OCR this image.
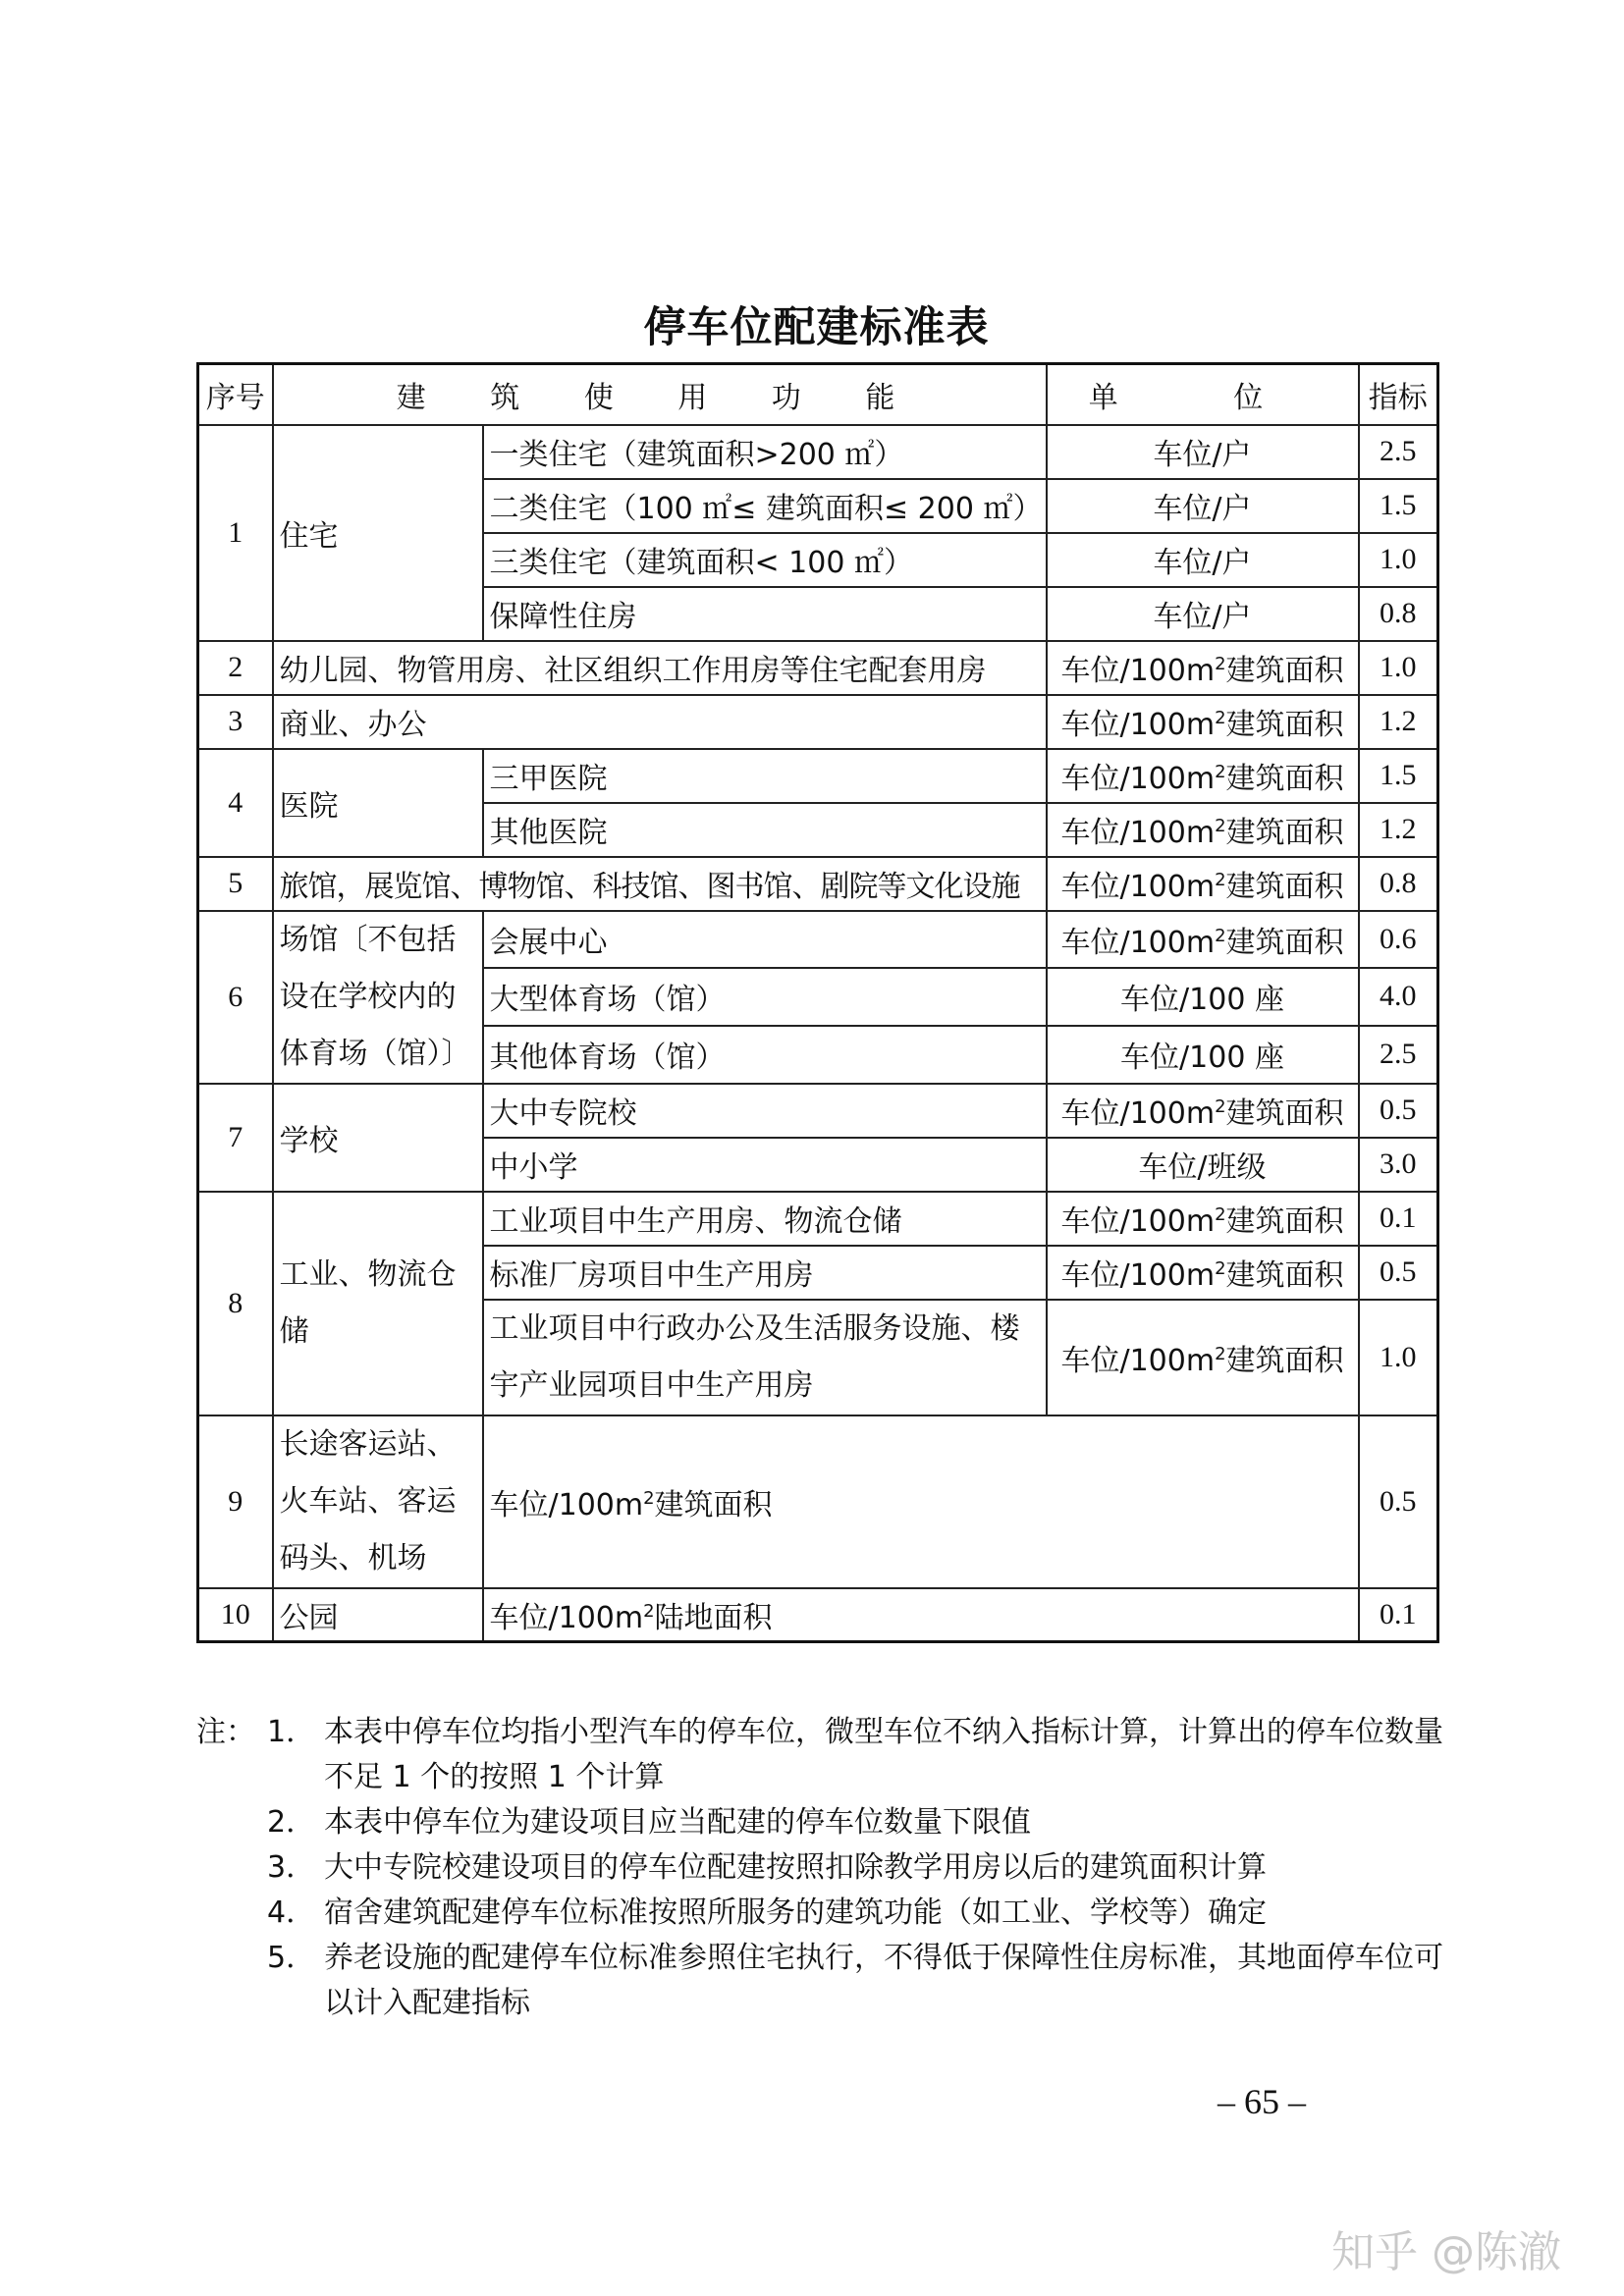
停车位配建标准表
序号	建 筑 使 用 功 能		单 位	指标
1	住宅	一类住宅（建筑面积>200 ㎡）	车位/户	2.5
		二类住宅（100 ㎡≤ 建筑面积≤ 200 ㎡）	车位/户	1.5
		三类住宅（建筑面积< 100 ㎡）	车位/户	1.0
		保障性住房	车位/户	0.8
2	幼儿园、物管用房、社区组织工作用房等住宅配套用房		车位$/100m^2$建筑面积	1.0
3	商业、办公		车位$/100m^2$建筑面积	1.2
4	医院	三甲医院	车位$/100m^2$建筑面积	1.5
		其他医院	车位$/100m^2$建筑面积	1.2
5	旅馆，展览馆、博物馆、科技馆、图书馆、剧院等文化设施		车位$/100m^2$建筑面积	0.8
6	场馆〔不包括设在学校内的体育场（馆）〕	会展中心	车位$/100m^2$建筑面积	0.6
		大型体育场（馆）	车位/100 座	4.0
		其他体育场（馆）	车位/100 座	2.5
7	学校	大中专院校	车位$/100m^2$建筑面积	0.5
		中小学	车位/班级	3.0
8	工业、物流仓储	工业项目中生产用房、物流仓储	车位$/100m^2$建筑面积	0.1
		标准厂房项目中生产用房	车位$/100m^2$建筑面积	0.5
		工业项目中行政办公及生活服务设施、楼宇产业园项目中生产用房	车位$/100m^2$建筑面积	1.0
9	长途客运站、火车站、客运码头、机场	车位$/100m^2$建筑面积		0.5
10	公园	车位$/100m^2$陆地面积		0.1
注： 1． 本表中停车位均指小型汽车的停车位，微型车位不纳入指标计算，计算出的停车位数量不足 1 个的按照 1 个计算
2． 本表中停车位为建设项目应当配建的停车位数量下限值
3． 大中专院校建设项目的停车位配建按照扣除教学用房以后的建筑面积计算
4． 宿舍建筑配建停车位标准按照所服务的建筑功能（如工业、学校等）确定
5． 养老设施的配建停车位标准参照住宅执行，不得低于保障性住房标准，其地面停车位可以计入配建指标
– 65 –
知乎 @陈澈
